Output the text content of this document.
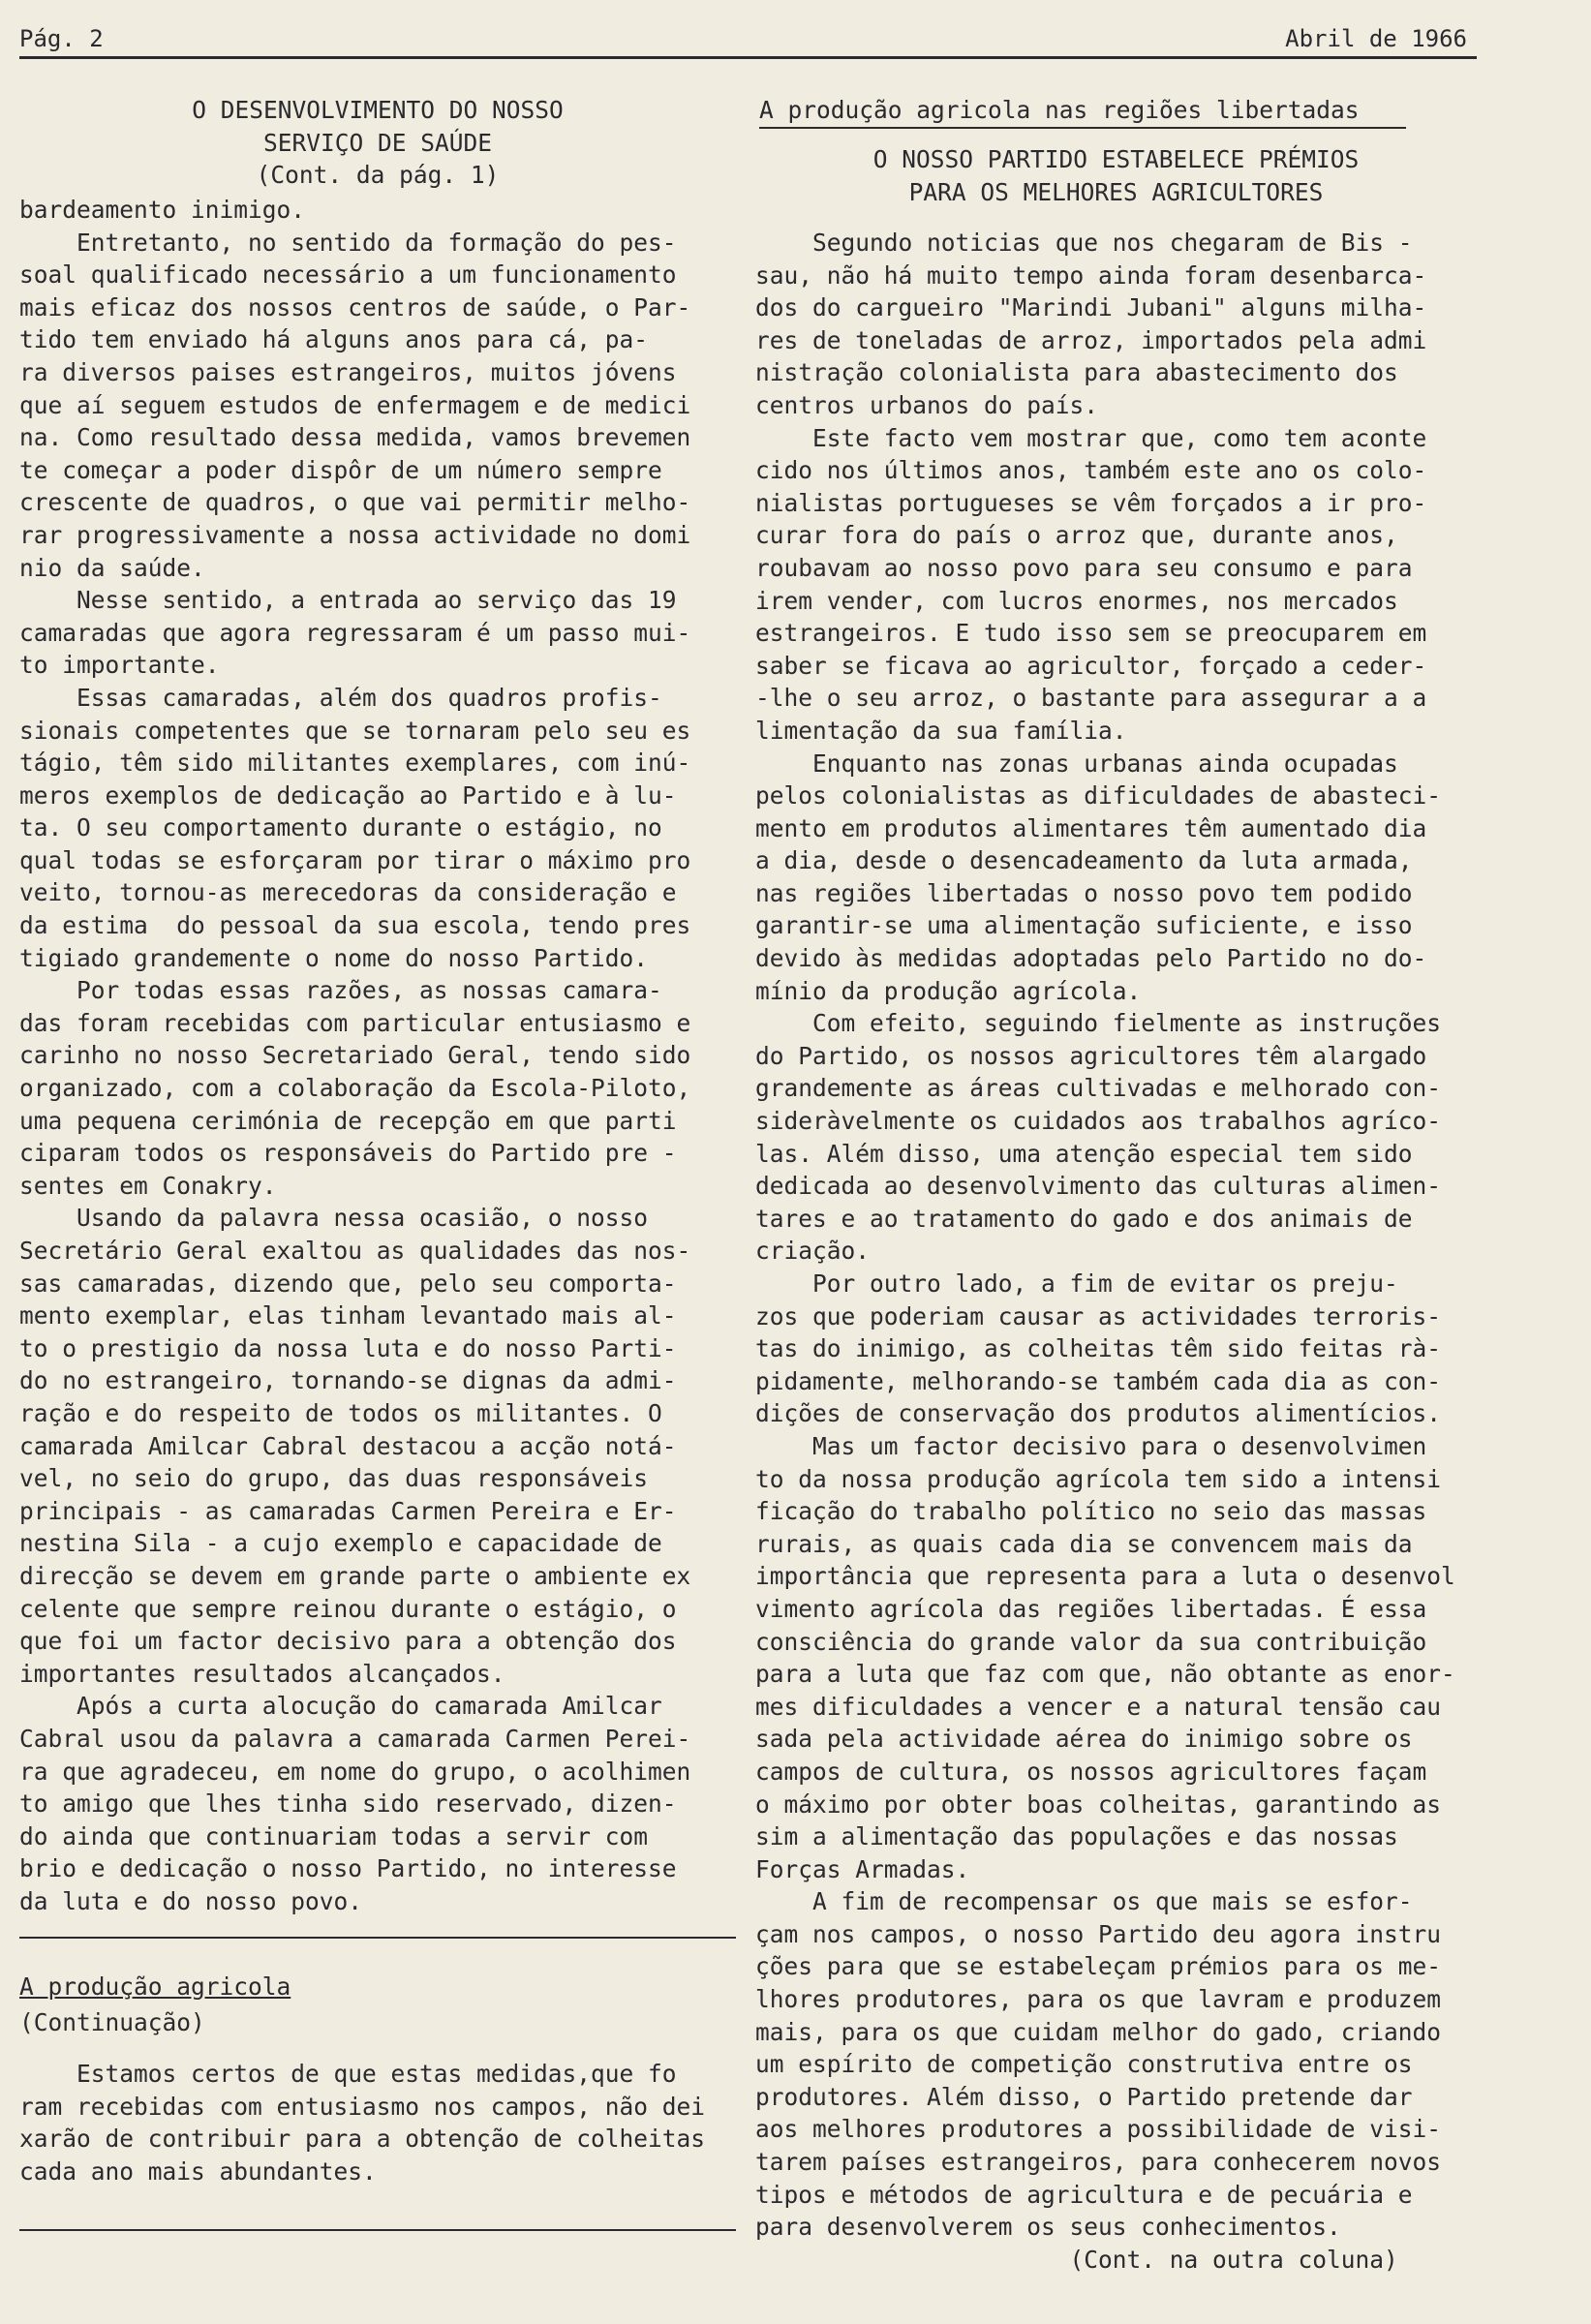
Pág. 2	Abril de 1966
O DESENVOLVIMENTO DO NOSSO
SERVIÇO DE SAÚDE
(Cont. da pág. 1)
bardeamento inimigo.
Entretanto, no sentido da formação do pes-
soal qualificado necessário a um funcionamento
mais eficaz dos nossos centros de saúde, o Par-
tido tem enviado há alguns anos para cá, pa-
ra diversos paises estrangeiros, muitos jóvens
que aí seguem estudos de enfermagem e de medici
na. Como resultado dessa medida, vamos brevemen
te começar a poder dispôr de um número sempre
crescente de quadros, o que vai permitir melho-
rar progressivamente a nossa actividade no domi
nio da saúde.
Nesse sentido, a entrada ao serviço das 19
camaradas que agora regressaram é um passo mui-
to importante.
Essas camaradas, além dos quadros profis-
sionais competentes que se tornaram pelo seu es
tágio, têm sido militantes exemplares, com inú-
meros exemplos de dedicação ao Partido e à lu-
ta. O seu comportamento durante o estágio, no
qual todas se esforçaram por tirar o máximo pro
veito, tornou-as merecedoras da consideração e
da estima  do pessoal da sua escola, tendo pres
tigiado grandemente o nome do nosso Partido.
Por todas essas razões, as nossas camara-
das foram recebidas com particular entusiasmo e
carinho no nosso Secretariado Geral, tendo sido
organizado, com a colaboração da Escola-Piloto,
uma pequena cerimónia de recepção em que parti
ciparam todos os responsáveis do Partido pre -
sentes em Conakry.
Usando da palavra nessa ocasião, o nosso
Secretário Geral exaltou as qualidades das nos-
sas camaradas, dizendo que, pelo seu comporta-
mento exemplar, elas tinham levantado mais al-
to o prestigio da nossa luta e do nosso Parti-
do no estrangeiro, tornando-se dignas da admi-
ração e do respeito de todos os militantes. O
camarada Amilcar Cabral destacou a acção notá-
vel, no seio do grupo, das duas responsáveis
principais - as camaradas Carmen Pereira e Er-
nestina Sila - a cujo exemplo e capacidade de
direcção se devem em grande parte o ambiente ex
celente que sempre reinou durante o estágio, o
que foi um factor decisivo para a obtenção dos
importantes resultados alcançados.
Após a curta alocução do camarada Amilcar
Cabral usou da palavra a camarada Carmen Perei-
ra que agradeceu, em nome do grupo, o acolhimen
to amigo que lhes tinha sido reservado, dizen-
do ainda que continuariam todas a servir com
brio e dedicação o nosso Partido, no interesse
da luta e do nosso povo.
A produção agricola
(Continuação)
Estamos certos de que estas medidas,que fo
ram recebidas com entusiasmo nos campos, não dei
xarão de contribuir para a obtenção de colheitas
cada ano mais abundantes.
A produção agricola nas regiões libertadas
O NOSSO PARTIDO ESTABELECE PRÉMIOS
PARA OS MELHORES AGRICULTORES
Segundo noticias que nos chegaram de Bis -
sau, não há muito tempo ainda foram desenbarca-
dos do cargueiro "Marindi Jubani" alguns milha-
res de toneladas de arroz, importados pela admi
nistração colonialista para abastecimento dos
centros urbanos do país.
Este facto vem mostrar que, como tem aconte
cido nos últimos anos, também este ano os colo-
nialistas portugueses se vêm forçados a ir pro-
curar fora do país o arroz que, durante anos,
roubavam ao nosso povo para seu consumo e para
irem vender, com lucros enormes, nos mercados
estrangeiros. E tudo isso sem se preocuparem em
saber se ficava ao agricultor, forçado a ceder-
-lhe o seu arroz, o bastante para assegurar a a
limentação da sua família.
Enquanto nas zonas urbanas ainda ocupadas
pelos colonialistas as dificuldades de abasteci-
mento em produtos alimentares têm aumentado dia
a dia, desde o desencadeamento da luta armada,
nas regiões libertadas o nosso povo tem podido
garantir-se uma alimentação suficiente, e isso
devido às medidas adoptadas pelo Partido no do-
mínio da produção agrícola.
Com efeito, seguindo fielmente as instruções
do Partido, os nossos agricultores têm alargado
grandemente as áreas cultivadas e melhorado con-
sideràvelmente os cuidados aos trabalhos agríco-
las. Além disso, uma atenção especial tem sido
dedicada ao desenvolvimento das culturas alimen-
tares e ao tratamento do gado e dos animais de
criação.
Por outro lado, a fim de evitar os preju-
zos que poderiam causar as actividades terroris-
tas do inimigo, as colheitas têm sido feitas rà-
pidamente, melhorando-se também cada dia as con-
dições de conservação dos produtos alimentícios.
Mas um factor decisivo para o desenvolvimen
to da nossa produção agrícola tem sido a intensi
ficação do trabalho político no seio das massas
rurais, as quais cada dia se convencem mais da
importância que representa para a luta o desenvol
vimento agrícola das regiões libertadas. É essa
consciência do grande valor da sua contribuição
para a luta que faz com que, não obtante as enor-
mes dificuldades a vencer e a natural tensão cau
sada pela actividade aérea do inimigo sobre os
campos de cultura, os nossos agricultores façam
o máximo por obter boas colheitas, garantindo as
sim a alimentação das populações e das nossas
Forças Armadas.
A fim de recompensar os que mais se esfor-
çam nos campos, o nosso Partido deu agora instru
ções para que se estabeleçam prémios para os me-
lhores produtores, para os que lavram e produzem
mais, para os que cuidam melhor do gado, criando
um espírito de competição construtiva entre os
produtores. Além disso, o Partido pretende dar
aos melhores produtores a possibilidade de visi-
tarem países estrangeiros, para conhecerem novos
tipos e métodos de agricultura e de pecuária e
para desenvolverem os seus conhecimentos.
(Cont. na outra coluna)
